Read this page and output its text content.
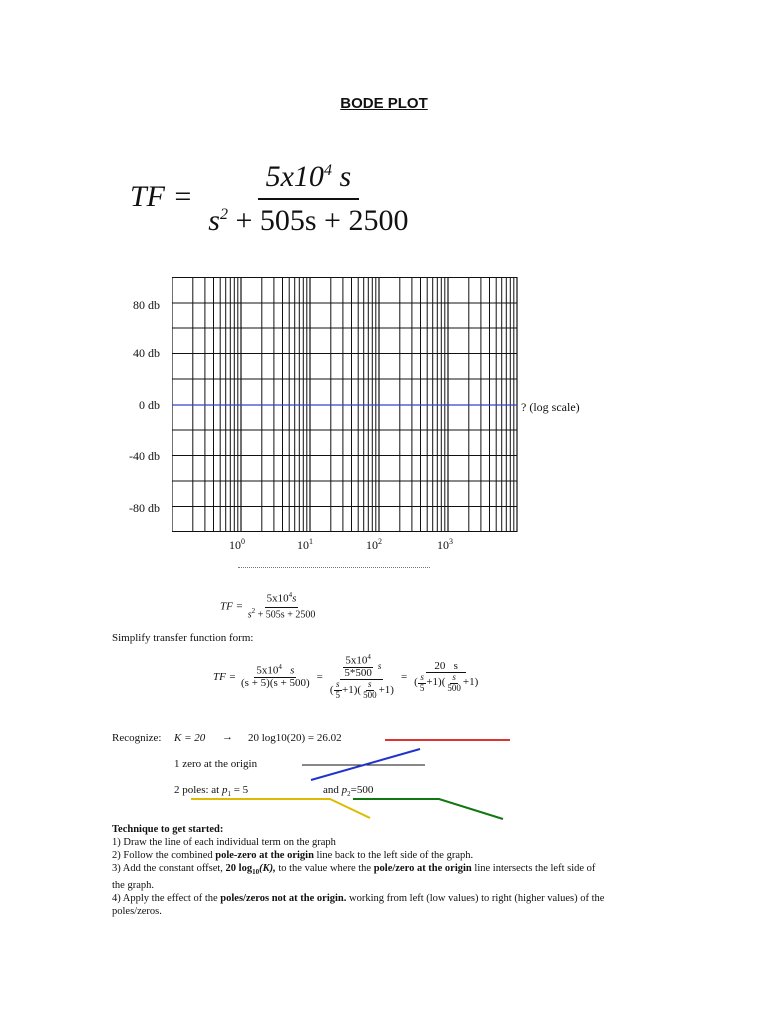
BODE PLOT
TF = $\frac{5x10^4 s}{s^2 + 505s + 2500}$
80 db
40 db
0 db
-40 db
-80 db
$10^0$	$10^1$	$10^2$	$10^3$
? (log scale)
TF = $\frac{5x10^4s}{s^2 + 505s + 2500}$
Simplify transfer function form:
TF = $\frac{5x10^4 s}{(s + 5)(s + 500)} = \frac{\frac{5x10^4}{5*500} s}{( \frac{s}{5} +1)( \frac{s}{500} +1)} = \frac{20 s}{( \frac{s}{5} +1)( \frac{s}{500} +1)}$
Recognize: K = 20 → 20 log10(20) = 26.02
1 zero at the origin
2 poles: at $p_1 = 5$	and $p_2=500$

Technique to get started:

1) Draw the line of each individual term on the graph

2) Follow the combined pole-zero at the origin line back to the left side of the graph.

3) Add the constant offset, 20 $\log_{10}(K)$, to the value where the pole/zero at the origin line intersects the left side of the graph.

4) Apply the effect of the poles/zeros not at the origin. working from left (low values) to right (higher values) of the poles/zeros.
